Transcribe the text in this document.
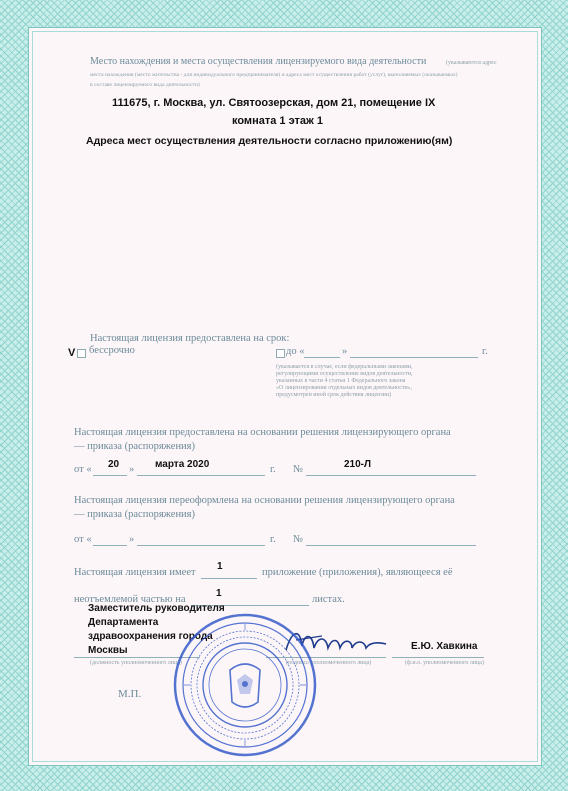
Место нахождения и места осуществления лицензируемого вида деятельности	(указываются адрес
места нахождения (место жительства - для индивидуального предпринимателя) и адреса мест осуществления работ (услуг), выполняемых (оказываемых)
в составе лицензируемого вида деятельности)
111675, г. Москва, ул. Святоозерская, дом 21, помещение IX
комната 1 этаж 1
Адреса мест осуществления деятельности согласно приложению(ям)
Настоящая лицензия предоставлена на срок:
V бессрочно	до «	»	г.
(указывается в случае, если федеральными законами,
регулирующими осуществление видов деятельности,
указанных в части 4 статьи 1 Федерального закона
«О лицензировании отдельных видов деятельности»,
предусмотрен иной срок действия лицензии)
Настоящая лицензия предоставлена на основании решения лицензирующего органа
— приказа (распоряжения)
от « 20 » марта 2020	г. №	210-Л
Настоящая лицензия переоформлена на основании решения лицензирующего органа
— приказа (распоряжения)
от «	»	г. №
Настоящая лицензия имеет
1
приложение (приложения), являющееся её
неотъемлемой частью на
1
листах.
Заместитель руководителя
Департамента
здравоохранения города
Москвы	Е.Ю. Хавкина
(должность уполномоченного лица)	(подпись уполномоченного лица)	(ф.и.о. уполномоченного лица)
М.П.
